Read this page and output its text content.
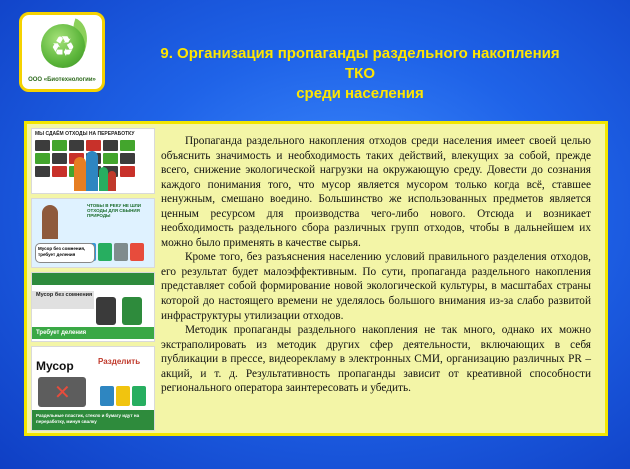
♻
ООО «Биотехнологии»
9. Организация пропаганды раздельного накопления ТКО
среди населения
МЫ СДАЁМ ОТХОДЫ НА ПЕРЕРАБОТКУ
ЧТОБЫ В РЕКУ НЕ ШЛИ ОТХОДЫ ДЛЯ СБЫНИЯ ПРИРОДЫ
Мусор без сомнения, требует деления
Мусор без сомнения
Требует деления
Мусор	Разделить
✕
Раздельные пластик, стекло и бумагу идут на переработку, минуя свалку

Пропаганда раздельного накопления отходов среди населения имеет своей целью объяснить значимость и необходимость таких действий, влекущих за собой, прежде всего, снижение экологической нагрузки на окружающую среду. Довести до сознания каждого понимания того, что мусор является мусором только когда всё, ставшее ненужным, смешано воедино. Большинство же использованных предметов является ценным ресурсом для производства чего-либо нового. Отсюда и возникает необходимость раздельного сбора различных групп отходов, чтобы в дальнейшем их можно было применять в качестве сырья.

Кроме того, без разъяснения населению условий правильного разделения отходов, его результат будет малоэффективным. По сути, пропаганда раздельного накопления представляет собой формирование новой экологической культуры, в масштабах страны которой до настоящего времени не уделялось большого внимания из-за слабо развитой инфраструктуры утилизации отходов.

Методик пропаганды раздельного накопления не так много, однако их можно экстраполировать из методик других сфер деятельности, включающих в себя публикации в прессе, видеорекламу в электронных СМИ, организацию различных PR – акций, и т. д. Результативность пропаганды зависит от креативной способности регионального оператора заинтересовать и убедить.
